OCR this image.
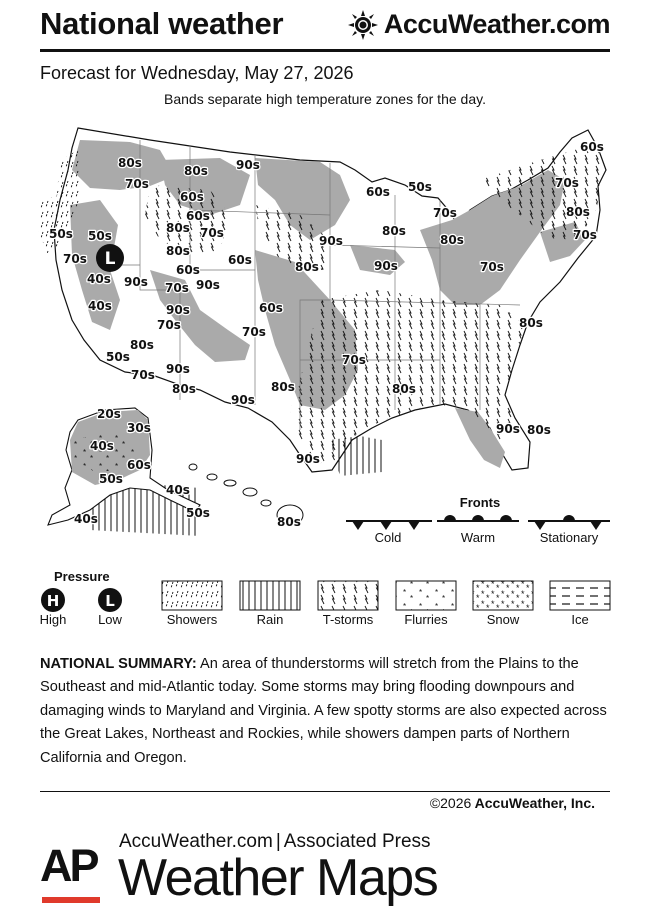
National weather	AccuWeather.com
Forecast for Wednesday, May 27, 2026
Bands separate high temperature zones for the day.
L
80s
70s
90s
80s
60s	60s 50s	70s
80s
80s
60s
50s	70s	80s
70s
90s	80s
60s
70s
60s	90s
80s	70s
90s
80s
40s
60s
90s
70s
60s
40s
90s
70s	80s
90s
50s
70s
80s
80s
90s
70s
80s
90s
90s 80s
70s
80s
70s
50s
20s
30s
40s
60s
50s
40s
50s
40s	80s
H	L
Fronts
Cold	Warm	Stationary
Pressure
High	Low	Showers	Rain	T-storms	Flurries	Snow	Ice
NATIONAL SUMMARY: An area of thunderstorms will stretch from the Plains to the Southeast and mid-Atlantic today. Some storms may bring flooding downpours and damaging winds to Maryland and Virginia. A few spotty storms are also expected across the Great Lakes, Northeast and Rockies, while showers dampen parts of Northern California and Oregon.
©2026 AccuWeather, Inc.
AP AccuWeather.com | Associated Press
Weather Maps
